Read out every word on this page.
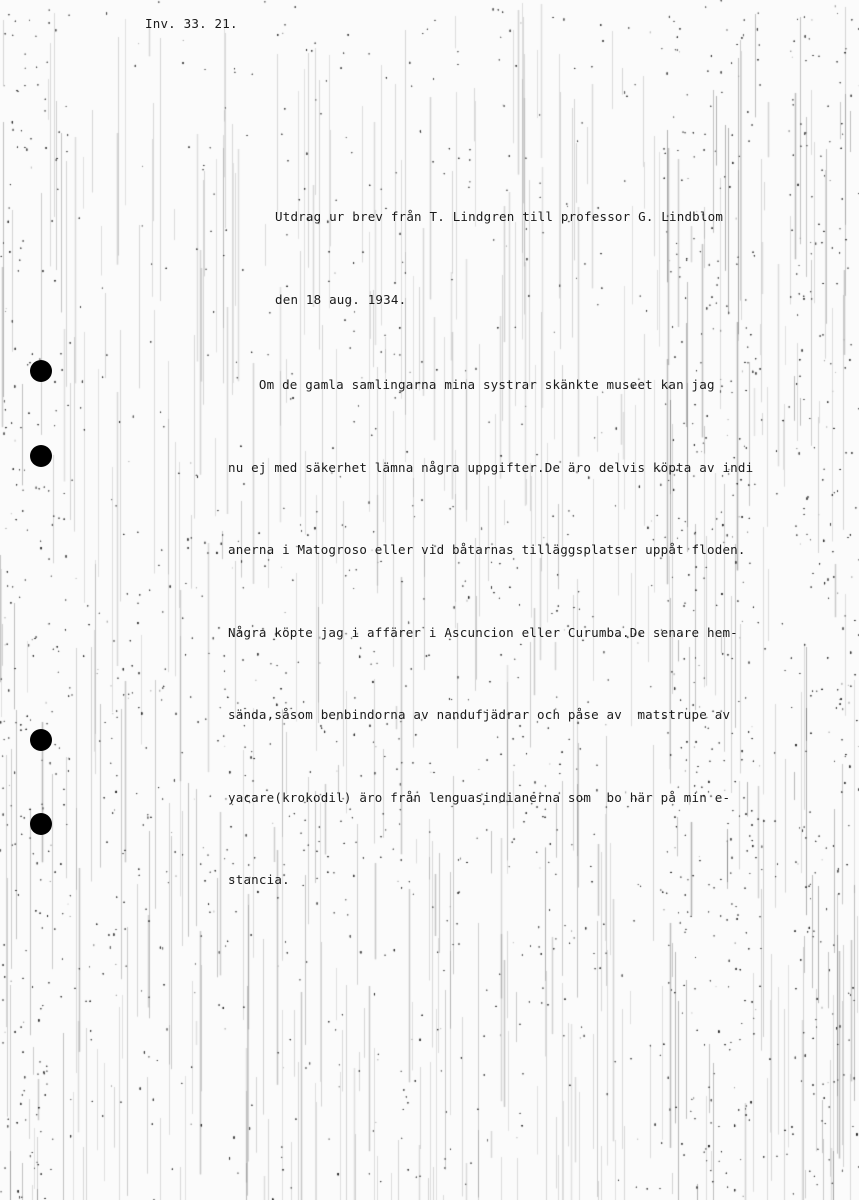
Inv. 33. 21.

Utdrag ur brev från T. Lindgren till professor G. Lindblom

den 18 aug. 1934.

Om de gamla samlingarna mina systrar skänkte museet kan jag

nu ej med säkerhet lämna några uppgifter.De äro delvis köpta av indi

anerna i Matogroso eller vid båtarnas tilläggsplatser uppåt floden.

Några köpte jag i affärer i Ascuncion eller Curumba.De senare hem-

sända,såsom benbindorna av nandufjädrar och påse av  matstrupe av

yacare(krokodil) äro från lenguasindianerna som  bo här på min e-

stancia.
